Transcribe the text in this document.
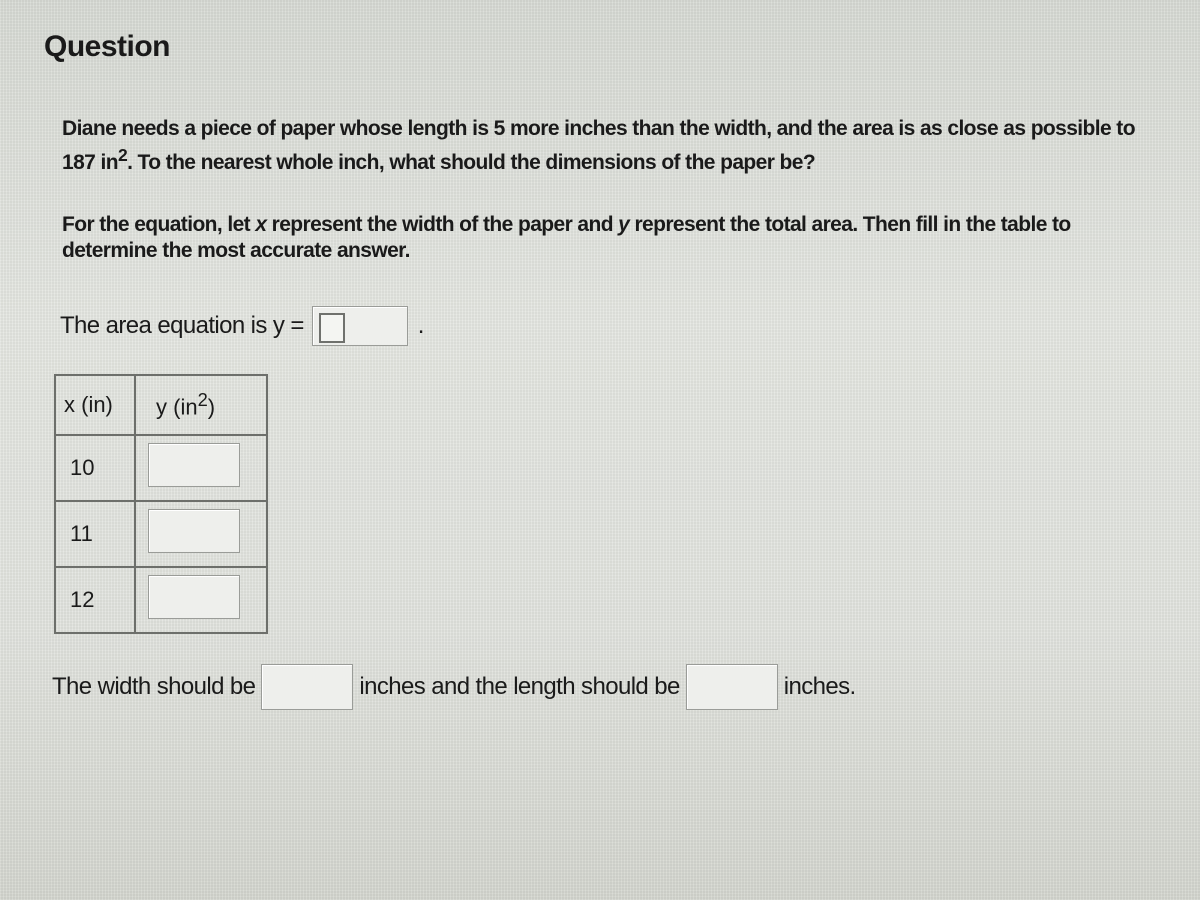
Question
Diane needs a piece of paper whose length is 5 more inches than the width, and the area is as close as possible to 187 $in^2$. To the nearest whole inch, what should the dimensions of the paper be?
For the equation, let x represent the width of the paper and y represent the total area. Then fill in the table to determine the most accurate answer.
The area equation is y =	.
x (in)	y $(in^2)$
10	
11	
12	
The width should be	inches and the length should be	inches.
